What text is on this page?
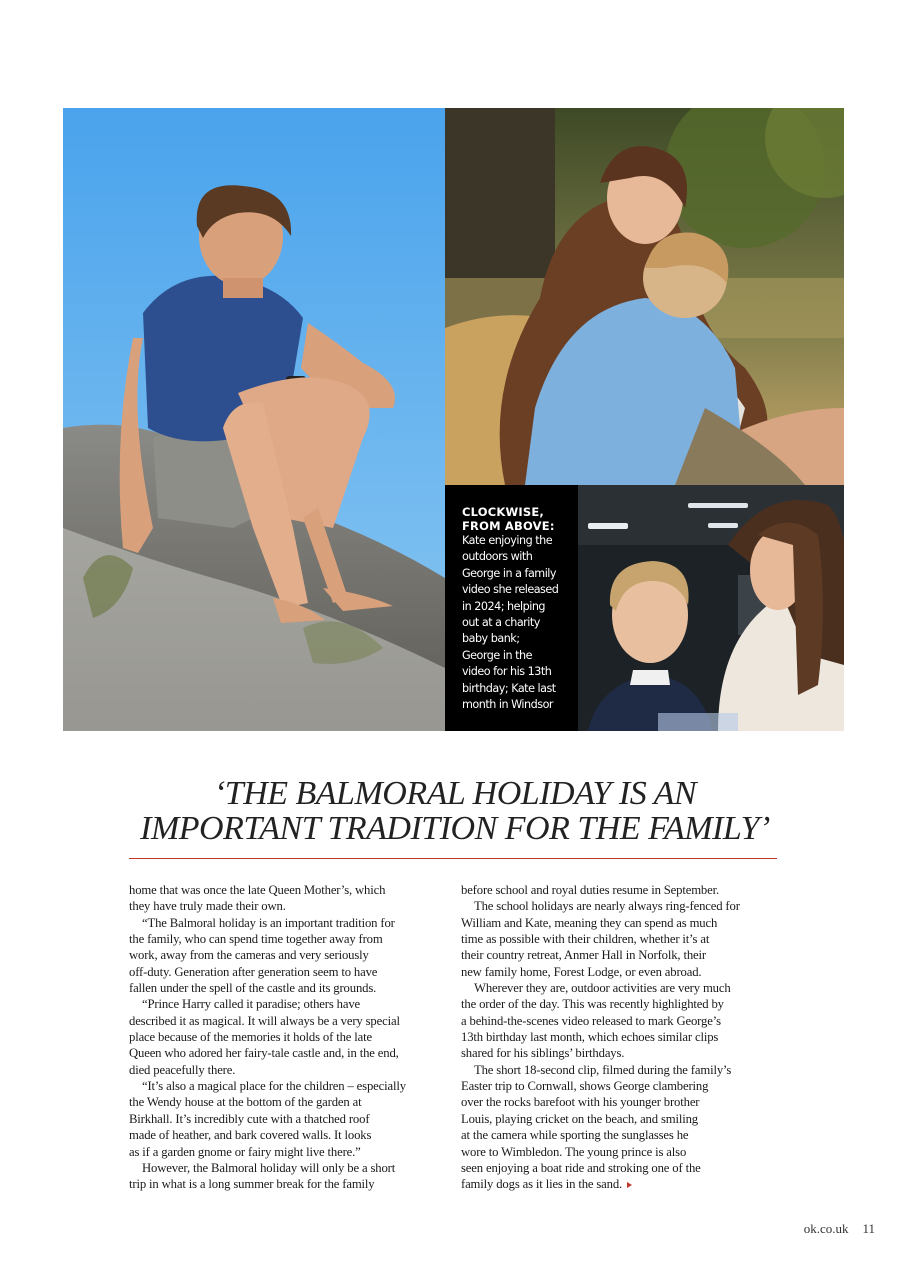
CLOCKWISE,
FROM ABOVE:
Kate enjoying the
outdoors with
George in a family
video she released
in 2024; helping
out at a charity
baby bank;
George in the
video for his 13th
birthday; Kate last
month in Windsor
‘THE BALMORAL HOLIDAY IS AN
IMPORTANT TRADITION FOR THE FAMILY’

home that was once the late Queen Mother’s, which
they have truly made their own.

“The Balmoral holiday is an important tradition for
the family, who can spend time together away from
work, away from the cameras and very seriously
off-duty. Generation after generation seem to have
fallen under the spell of the castle and its grounds.

“Prince Harry called it paradise; others have
described it as magical. It will always be a very special
place because of the memories it holds of the late
Queen who adored her fairy-tale castle and, in the end,
died peacefully there.

“It’s also a magical place for the children – especially
the Wendy house at the bottom of the garden at
Birkhall. It’s incredibly cute with a thatched roof
made of heather, and bark covered walls. It looks
as if a garden gnome or fairy might live there.”

However, the Balmoral holiday will only be a short
trip in what is a long summer break for the family

before school and royal duties resume in September.

The school holidays are nearly always ring-fenced for
William and Kate, meaning they can spend as much
time as possible with their children, whether it’s at
their country retreat, Anmer Hall in Norfolk, their
new family home, Forest Lodge, or even abroad.

Wherever they are, outdoor activities are very much
the order of the day. This was recently highlighted by
a behind-the-scenes video released to mark George’s
13th birthday last month, which echoes similar clips
shared for his siblings’ birthdays.

The short 18-second clip, filmed during the family’s
Easter trip to Cornwall, shows George clambering
over the rocks barefoot with his younger brother
Louis, playing cricket on the beach, and smiling
at the camera while sporting the sunglasses he
wore to Wimbledon. The young prince is also
seen enjoying a boat ride and stroking one of the
family dogs as it lies in the sand.

ok.co.uk 11
